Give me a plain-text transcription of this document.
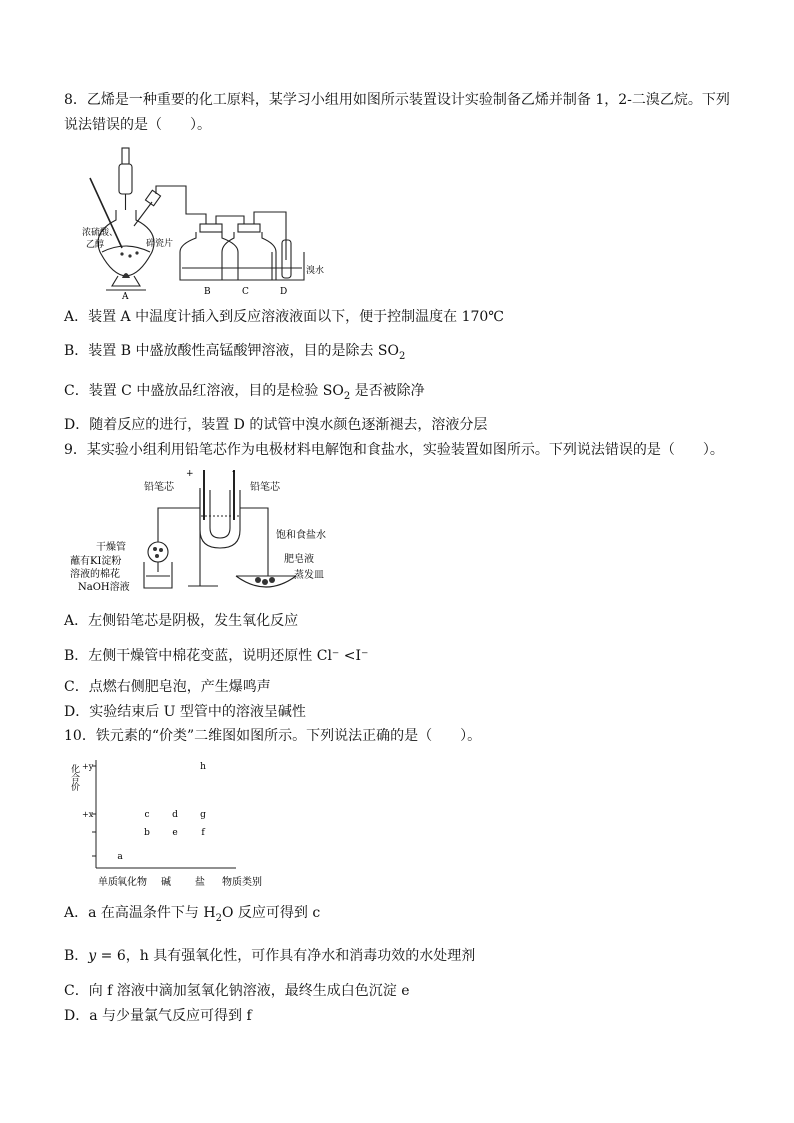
8．乙烯是一种重要的化工原料，某学习小组用如图所示装置设计实验制备乙烯并制备 1，2-二溴乙烷。下列说法错误的是（　　）。
浓硫酸、
乙醇	碎瓷片
溴水
A	B	C	D
A．装置 A 中温度计插入到反应溶液液面以下，便于控制温度在 170℃
B．装置 B 中盛放酸性高锰酸钾溶液，目的是除去 $SO_2$
C．装置 C 中盛放品红溶液，目的是检验 $SO_2$ 是否被除净
D．随着反应的进行，装置 D 的试管中溴水颜色逐渐褪去，溶液分层
9．某实验小组利用铅笔芯作为电极材料电解饱和食盐水，实验装置如图所示。下列说法错误的是（　　）。
+	-
铅笔芯	铅笔芯
饱和食盐水
肥皂液
蒸发皿
干燥管
蘸有KI淀粉
溶液的棉花
NaOH溶液
A．左侧铅笔芯是阴极，发生氧化反应
B．左侧干燥管中棉花变蓝，说明还原性 Cl⁻ <I⁻
C．点燃右侧肥皂泡，产生爆鸣声
D．实验结束后 U 型管中的溶液呈碱性
10．铁元素的“价类”二维图如图所示。下列说法正确的是（　　）。
化合价 +y
+x
单质 氧化物 碱 盐 物质类别
a
b
c	d
e	f
g
h
A．a 在高温条件下与 $H_2O$ 反应可得到 c
B．y = 6，h 具有强氧化性，可作具有净水和消毒功效的水处理剂
C．向 f 溶液中滴加氢氧化钠溶液，最终生成白色沉淀 e
D．a 与少量氯气反应可得到 f
